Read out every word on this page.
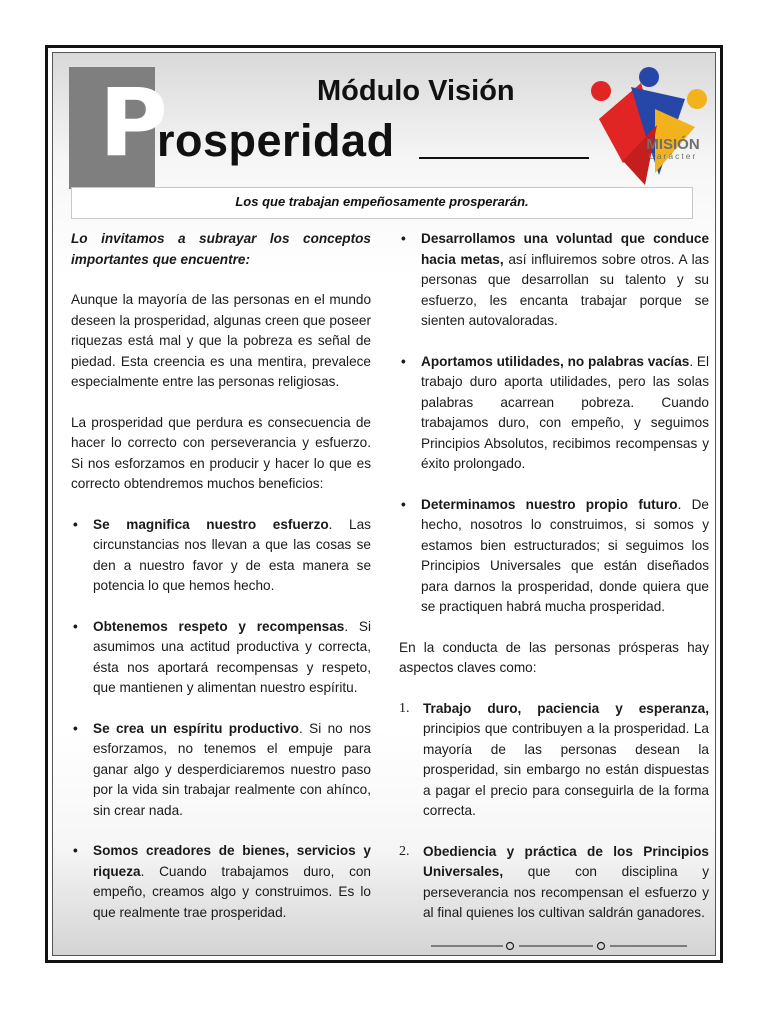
P	Módulo Visión
rosperidad	MISIÓN
Carácter
Los que trabajan empeñosamente prosperarán.

Lo invitamos a subrayar los conceptos importantes que encuentre:

Aunque la mayoría de las personas en el mundo deseen la prosperidad, algunas creen que poseer riquezas está mal y que la pobreza es señal de piedad. Esta creencia es una mentira, prevalece especialmente entre las personas religiosas.

La prosperidad que perdura es consecuencia de hacer lo correcto con perseverancia y esfuerzo. Si nos esforzamos en producir y hacer lo que es correcto obtendremos muchos beneficios:

• Se magnifica nuestro esfuerzo. Las circunstancias nos llevan a que las cosas se den a nuestro favor y de esta manera se potencia lo que hemos hecho.
• Obtenemos respeto y recompensas. Si asumimos una actitud productiva y correcta, ésta nos aportará recompensas y respeto, que mantienen y alimentan nuestro espíritu.
• Se crea un espíritu productivo. Si no nos esforzamos, no tenemos el empuje para ganar algo y desperdiciaremos nuestro paso por la vida sin trabajar realmente con ahínco, sin crear nada.
• Somos creadores de bienes, servicios y riqueza. Cuando trabajamos duro, con empeño, creamos algo y construimos. Es lo que realmente trae prosperidad.
• Desarrollamos una voluntad que conduce hacia metas, así influiremos sobre otros. A las personas que desarrollan su talento y su esfuerzo, les encanta trabajar porque se sienten autovaloradas.
• Aportamos utilidades, no palabras vacías. El trabajo duro aporta utilidades, pero las solas palabras acarrean pobreza. Cuando trabajamos duro, con empeño, y seguimos Principios Absolutos, recibimos recompensas y éxito prolongado.
• Determinamos nuestro propio futuro. De hecho, nosotros lo construimos, si somos y estamos bien estructurados; si seguimos los Principios Universales que están diseñados para darnos la prosperidad, donde quiera que se practiquen habrá mucha prosperidad.

En la conducta de las personas prósperas hay aspectos claves como:

1. Trabajo duro, paciencia y esperanza, principios que contribuyen a la prosperidad. La mayoría de las personas desean la prosperidad, sin embargo no están dispuestas a pagar el precio para conseguirla de la forma correcta.
2. Obediencia y práctica de los Principios Universales, que con disciplina y perseverancia nos recompensan el esfuerzo y al final quienes los cultivan saldrán ganadores.
